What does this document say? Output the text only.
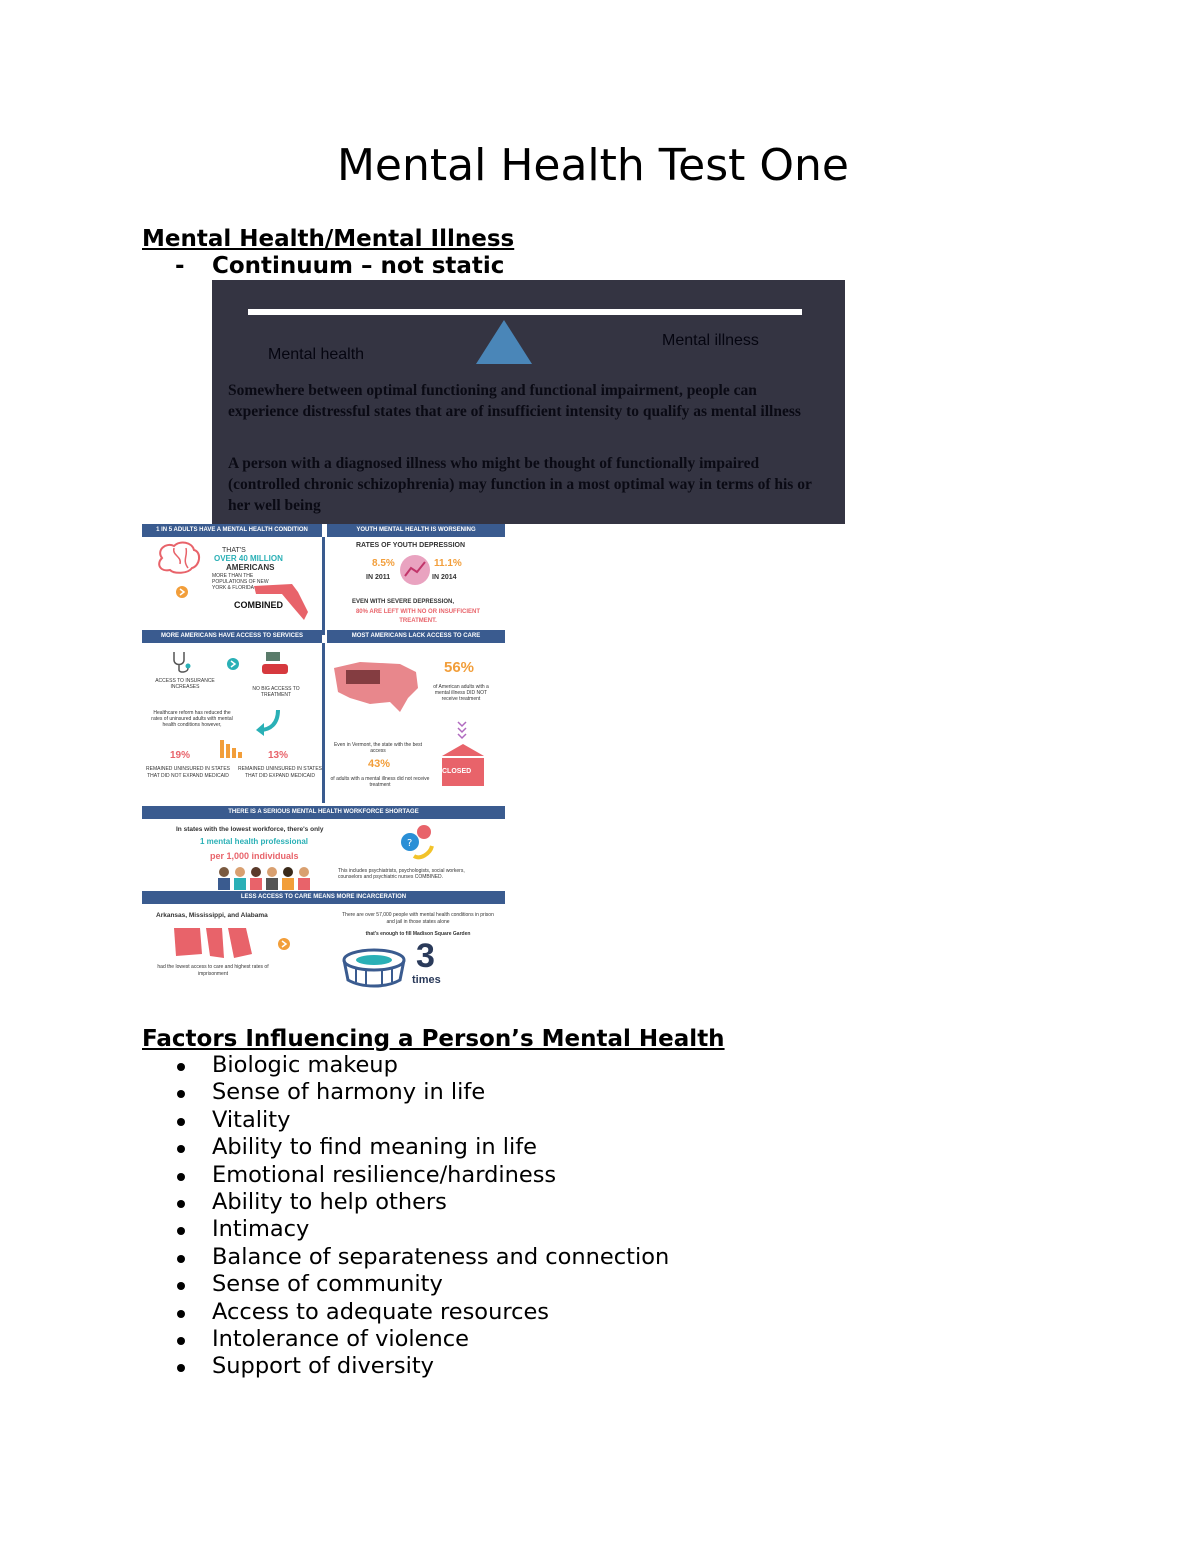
Mental Health Test One
Mental Health/Mental Illness
- Continuum – not static
Mental health
Mental illness
Somewhere between optimal functioning and functional impairment, people can experience distressful states that are of insufficient intensity to qualify as mental illness
A person with a diagnosed illness who might be thought of functionally impaired (controlled chronic schizophrenia) may function in a most optimal way in terms of his or her well being
1 IN 5 ADULTS HAVE A MENTAL HEALTH CONDITION	YOUTH MENTAL HEALTH IS WORSENING
THAT'S
OVER 40 MILLION
AMERICANS
MORE THAN THE POPULATIONS OF NEW YORK & FLORIDA
COMBINED
RATES OF YOUTH DEPRESSION
8.5%
IN 2011
11.1%
IN 2014
EVEN WITH SEVERE DEPRESSION,
80% ARE LEFT WITH NO OR INSUFFICIENT TREATMENT.
MORE AMERICANS HAVE ACCESS TO SERVICES	MOST AMERICANS LACK ACCESS TO CARE
ACCESS TO INSURANCE INCREASES	NO BIG ACCESS TO TREATMENT
Healthcare reform has reduced the rates of uninsured adults with mental health conditions however,
19%
REMAINED UNINSURED IN STATES THAT DID NOT EXPAND MEDICAID
13%
REMAINED UNINSURED IN STATES THAT DID EXPAND MEDICAID
56%
of American adults with a mental illness DID NOT receive treatment
Even in Vermont, the state with the best access
43%
of adults with a mental illness did not receive treatment
CLOSED
THERE IS A SERIOUS MENTAL HEALTH WORKFORCE SHORTAGE
In states with the lowest workforce, there's only
1 mental health professional
per 1,000 individuals
?
This includes psychiatrists, psychologists, social workers, counselors and psychiatric nurses COMBINED.
LESS ACCESS TO CARE MEANS MORE INCARCERATION
Arkansas, Mississippi, and Alabama
had the lowest access to care and highest rates of imprisonment
There are over 57,000 people with mental health conditions in prison and jail in those states alone
that's enough to fill Madison Square Garden
3
times
Factors Influencing a Person’s Mental Health
Biologic makeup
Sense of harmony in life
Vitality
Ability to find meaning in life
Emotional resilience/hardiness
Ability to help others
Intimacy
Balance of separateness and connection
Sense of community
Access to adequate resources
Intolerance of violence
Support of diversity
